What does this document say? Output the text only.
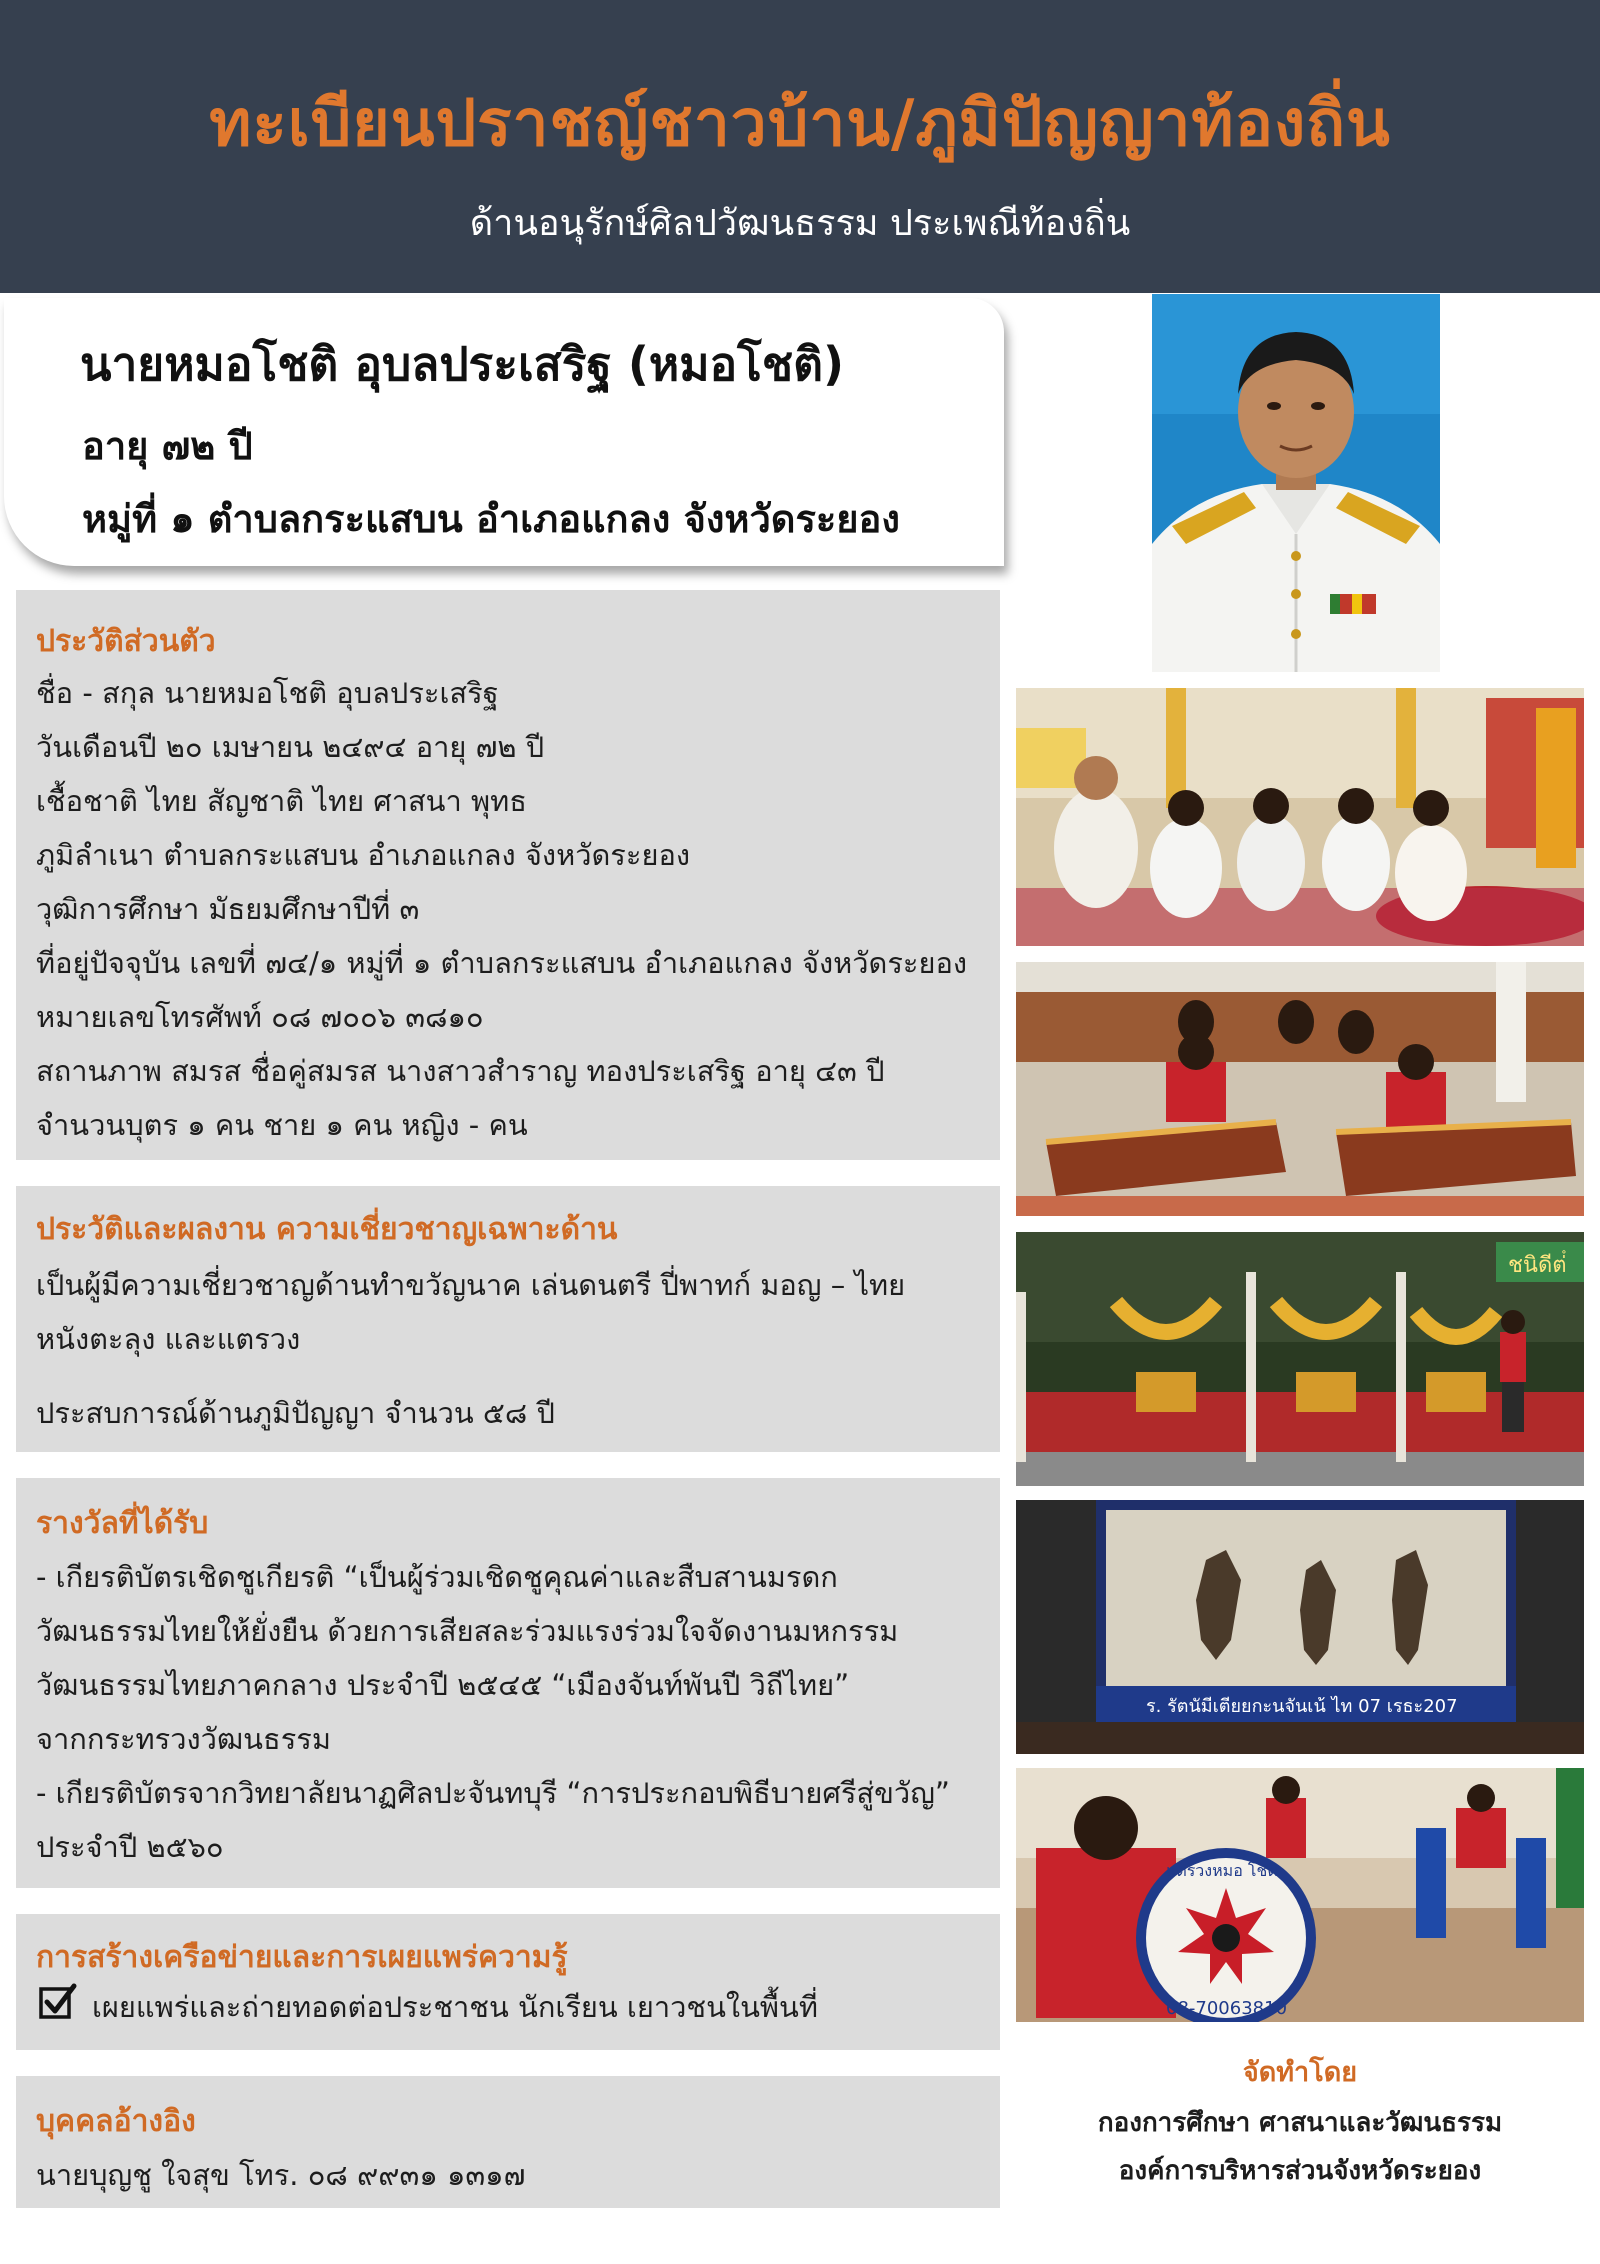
ทะเบียนปราชญ์ชาวบ้าน/ภูมิปัญญาท้องถิ่น
ด้านอนุรักษ์ศิลปวัฒนธรรม ประเพณีท้องถิ่น
นายหมอโชติ อุบลประเสริฐ (หมอโชติ)
อายุ ๗๒ ปี
หมู่ที่ ๑ ตำบลกระแสบน อำเภอแกลง จังหวัดระยอง
ประวัติส่วนตัว
ชื่อ - สกุล นายหมอโชติ อุบลประเสริฐ
วันเดือนปี ๒๐ เมษายน ๒๔๙๔ อายุ ๗๒ ปี
เชื้อชาติ ไทย สัญชาติ ไทย ศาสนา พุทธ
ภูมิลำเนา ตำบลกระแสบน อำเภอแกลง จังหวัดระยอง
วุฒิการศึกษา มัธยมศึกษาปีที่ ๓
ที่อยู่ปัจจุบัน เลขที่ ๗๔/๑ หมู่ที่ ๑ ตำบลกระแสบน อำเภอแกลง จังหวัดระยอง
หมายเลขโทรศัพท์ ๐๘ ๗๐๐๖ ๓๘๑๐
สถานภาพ สมรส ชื่อคู่สมรส นางสาวสำราญ ทองประเสริฐ อายุ ๔๓ ปี
จำนวนบุตร ๑ คน ชาย ๑ คน หญิง - คน
ประวัติและผลงาน ความเชี่ยวชาญเฉพาะด้าน
เป็นผู้มีความเชี่ยวชาญด้านทำขวัญนาค เล่นดนตรี ปี่พาทก์ มอญ – ไทย
หนังตะลุง และแตรวง
ประสบการณ์ด้านภูมิปัญญา จำนวน ๕๘ ปี
รางวัลที่ได้รับ
- เกียรติบัตรเชิดชูเกียรติ “เป็นผู้ร่วมเชิดชูคุณค่าและสืบสานมรดก
วัฒนธรรมไทยให้ยั่งยืน ด้วยการเสียสละร่วมแรงร่วมใจจัดงานมหกรรม
วัฒนธรรมไทยภาคกลาง ประจำปี ๒๕๔๕ “เมืองจันท์พันปี วิถีไทย”
จากกระทรวงวัฒนธรรม
- เกียรติบัตรจากวิทยาลัยนาฏศิลปะจันทบุรี “การประกอบพิธีบายศรีสู่ขวัญ”
ประจำปี ๒๕๖๐
การสร้างเครือข่ายและการเผยแพร่ความรู้
เผยแพร่และถ่ายทอดต่อประชาชน นักเรียน เยาวชนในพื้นที่
บุคคลอ้างอิง
นายบุญชู ใจสุข โทร. ๐๘ ๙๙๓๑ ๑๓๑๗
ชนิดีต่ํ
ร. รัตนัมีเตียยกะนจันเน้ ไท 07 เรธะ207
แตรวงหมอ โชติ
08-70063810
จัดทำโดย
กองการศึกษา ศาสนาและวัฒนธรรม
องค์การบริหารส่วนจังหวัดระยอง
